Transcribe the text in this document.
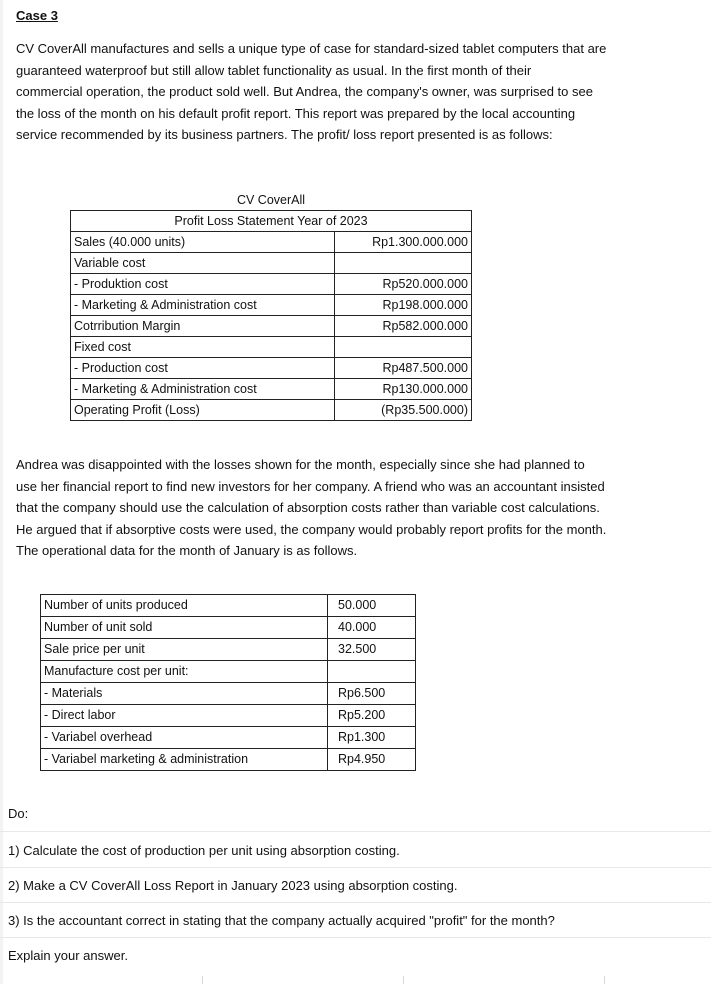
Case 3
CV CoverAll manufactures and sells a unique type of case for standard-sized tablet computers that are
guaranteed waterproof but still allow tablet functionality as usual. In the first month of their
commercial operation, the product sold well. But Andrea, the company's owner, was surprised to see
the loss of the month on his default profit report. This report was prepared by the local accounting
service recommended by its business partners. The profit/ loss report presented is as follows:
CV CoverAll	
Profit Loss Statement Year of 2023	
Sales (40.000 units)	Rp1.300.000.000
Variable cost	
- Produktion cost	Rp520.000.000
- Marketing & Administration cost	Rp198.000.000
Cotrribution Margin	Rp582.000.000
Fixed cost	
- Production cost	Rp487.500.000
- Marketing & Administration cost	Rp130.000.000
Operating Profit (Loss)	(Rp35.500.000)
Andrea was disappointed with the losses shown for the month, especially since she had planned to
use her financial report to find new investors for her company. A friend who was an accountant insisted
that the company should use the calculation of absorption costs rather than variable cost calculations.
He argued that if absorptive costs were used, the company would probably report profits for the month.
The operational data for the month of January is as follows.
Number of units produced	50.000
Number of unit sold	40.000
Sale price per unit	32.500
Manufacture cost per unit:	
- Materials	Rp6.500
- Direct labor	Rp5.200
- Variabel overhead	Rp1.300
- Variabel marketing & administration	Rp4.950
Do:
1) Calculate the cost of production per unit using absorption costing.
2) Make a CV CoverAll Loss Report in January 2023 using absorption costing.
3) Is the accountant correct in stating that the company actually acquired "profit" for the month?
Explain your answer.
